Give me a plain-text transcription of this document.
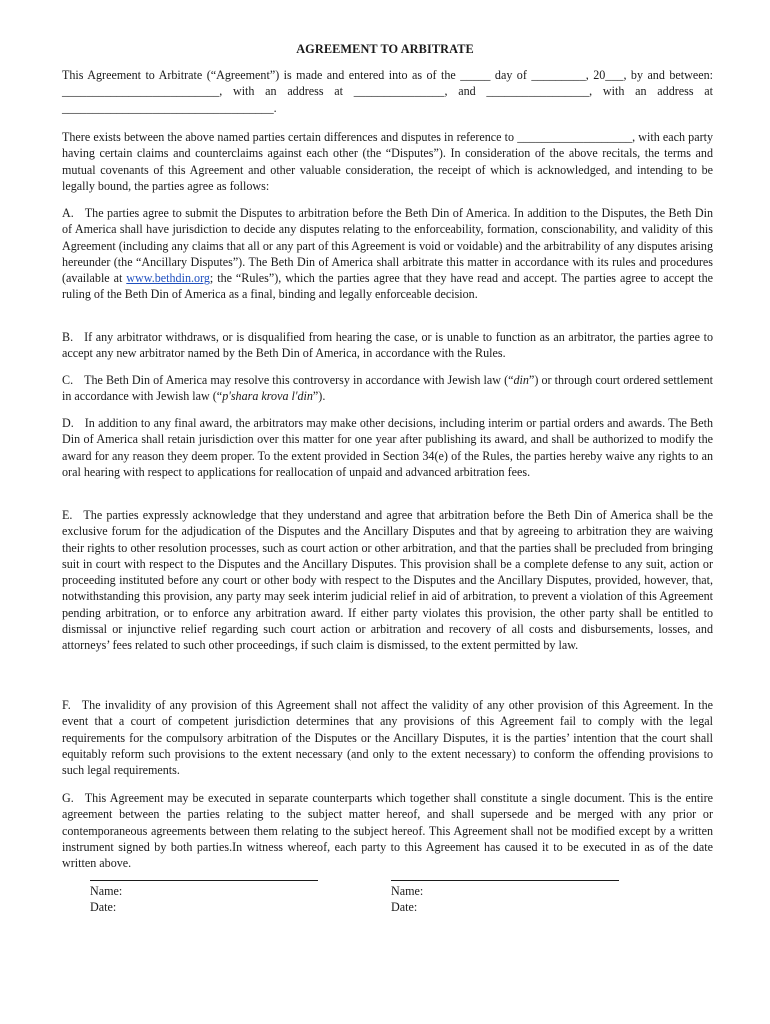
AGREEMENT TO ARBITRATE

This Agreement to Arbitrate (“Agreement”) is made and entered into as of the _____ day of _________, 20___, by and between: __________________________, with an address at _______________, and _________________, with an address at ___________________________________.

There exists between the above named parties certain differences and disputes in reference to ___________________, with each party having certain claims and counterclaims against each other (the “Disputes”). In consideration of the above recitals, the terms and mutual covenants of this Agreement and other valuable consideration, the receipt of which is acknowledged, and intending to be legally bound, the parties agree as follows:

A. The parties agree to submit the Disputes to arbitration before the Beth Din of America. In addition to the Disputes, the Beth Din of America shall have jurisdiction to decide any disputes relating to the enforceability, formation, conscionability, and validity of this Agreement (including any claims that all or any part of this Agreement is void or voidable) and the arbitrability of any disputes arising hereunder (the “Ancillary Disputes”). The Beth Din of America shall arbitrate this matter in accordance with its rules and procedures (available at www.bethdin.org; the “Rules”), which the parties agree that they have read and accept. The parties agree to accept the ruling of the Beth Din of America as a final, binding and legally enforceable decision.

B. If any arbitrator withdraws, or is disqualified from hearing the case, or is unable to function as an arbitrator, the parties agree to accept any new arbitrator named by the Beth Din of America, in accordance with the Rules.

C. The Beth Din of America may resolve this controversy in accordance with Jewish law (“din”) or through court ordered settlement in accordance with Jewish law (“p'shara krova l'din”).

D. In addition to any final award, the arbitrators may make other decisions, including interim or partial orders and awards. The Beth Din of America shall retain jurisdiction over this matter for one year after publishing its award, and shall be authorized to modify the award for any reason they deem proper. To the extent provided in Section 34(e) of the Rules, the parties hereby waive any rights to an oral hearing with respect to applications for reallocation of unpaid and advanced arbitration fees.

E. The parties expressly acknowledge that they understand and agree that arbitration before the Beth Din of America shall be the exclusive forum for the adjudication of the Disputes and the Ancillary Disputes and that by agreeing to arbitration they are waiving their rights to other resolution processes, such as court action or other arbitration, and that the parties shall be precluded from bringing suit in court with respect to the Disputes and the Ancillary Disputes. This provision shall be a complete defense to any suit, action or proceeding instituted before any court or other body with respect to the Disputes and the Ancillary Disputes, provided, however, that, notwithstanding this provision, any party may seek interim judicial relief in aid of arbitration, to prevent a violation of this Agreement pending arbitration, or to enforce any arbitration award. If either party violates this provision, the other party shall be entitled to dismissal or injunctive relief regarding such court action or arbitration and recovery of all costs and disbursements, losses, and attorneys’ fees related to such other proceedings, if such claim is dismissed, to the extent permitted by law.

F. The invalidity of any provision of this Agreement shall not affect the validity of any other provision of this Agreement. In the event that a court of competent jurisdiction determines that any provisions of this Agreement fail to comply with the legal requirements for the compulsory arbitration of the Disputes or the Ancillary Disputes, it is the parties’ intention that the court shall equitably reform such provisions to the extent necessary (and only to the extent necessary) to conform the offending provisions to such legal requirements.

G. This Agreement may be executed in separate counterparts which together shall constitute a single document. This is the entire agreement between the parties relating to the subject matter hereof, and shall supersede and be merged with any prior or contemporaneous agreements between them relating to the subject hereof. This Agreement shall not be modified except by a written instrument signed by both parties.In witness whereof, each party to this Agreement has caused it to be executed in as of the date written above.

Name:
Date:
Name:
Date:
